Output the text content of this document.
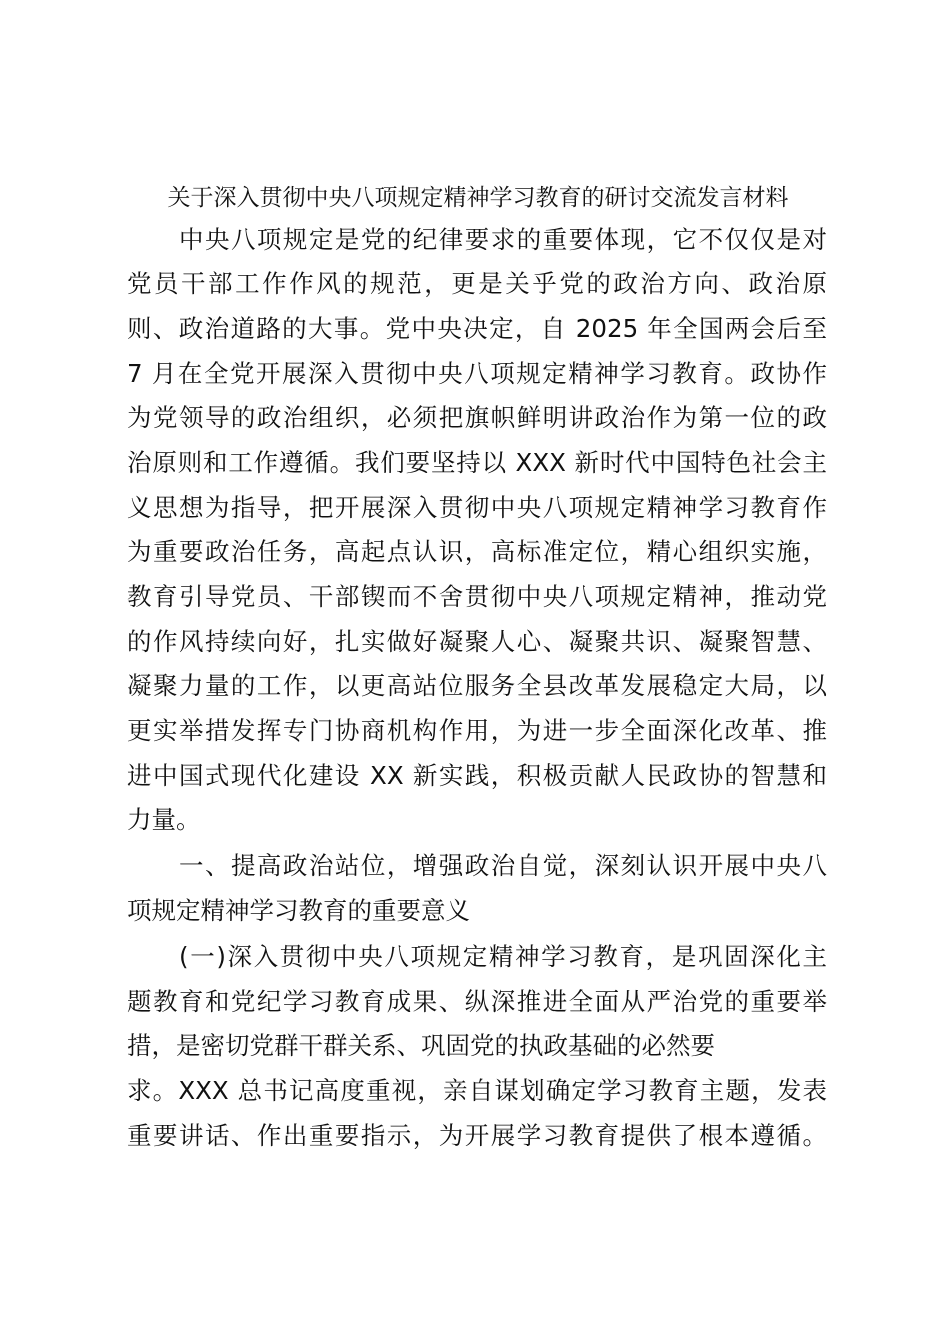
关于深入贯彻中央八项规定精神学习教育的研讨交流发言材料
中央八项规定是党的纪律要求的重要体现，它不仅仅是对
党员干部工作作风的规范，更是关乎党的政治方向、政治原
则、政治道路的大事。党中央决定，自 2025 年全国两会后至
7 月在全党开展深入贯彻中央八项规定精神学习教育。政协作
为党领导的政治组织，必须把旗帜鲜明讲政治作为第一位的政
治原则和工作遵循。我们要坚持以 XXX 新时代中国特色社会主
义思想为指导，把开展深入贯彻中央八项规定精神学习教育作
为重要政治任务，高起点认识，高标准定位，精心组织实施，
教育引导党员、干部锲而不舍贯彻中央八项规定精神，推动党
的作风持续向好，扎实做好凝聚人心、凝聚共识、凝聚智慧、
凝聚力量的工作，以更高站位服务全县改革发展稳定大局，以
更实举措发挥专门协商机构作用，为进一步全面深化改革、推
进中国式现代化建设 XX 新实践，积极贡献人民政协的智慧和
力量。
一、提高政治站位，增强政治自觉，深刻认识开展中央八
项规定精神学习教育的重要意义
(一)深入贯彻中央八项规定精神学习教育，是巩固深化主
题教育和党纪学习教育成果、纵深推进全面从严治党的重要举
措，是密切党群干群关系、巩固党的执政基础的必然要
求。XXX 总书记高度重视，亲自谋划确定学习教育主题，发表
重要讲话、作出重要指示，为开展学习教育提供了根本遵循。
